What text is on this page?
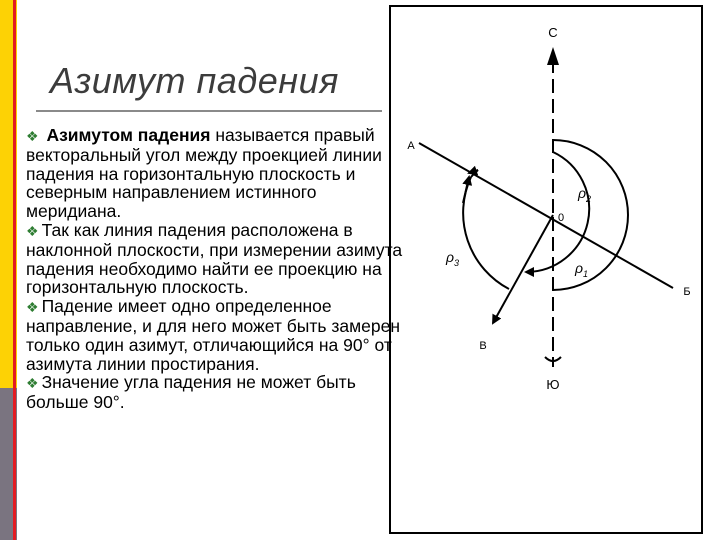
Азимут падения

❖ Азимутом падения называется правый векторальный угол между проекцией линии падения на горизонтальную плоскость и северным направлением истинного меридиана.

❖ Так как линия падения расположена в наклонной плоскости, при измерении азимута падения необходимо найти ее проекцию на горизонтальную плоскость.

❖ Падение имеет одно определенное направление, и для него может быть замерен только один азимут, отличающийся на 90° от азимута линии простирания.

❖ Значение угла падения не может быть больше 90°.

С
Ю
А
Б
В
0
$\rho_2$
$\rho_1$
$\rho_3$
